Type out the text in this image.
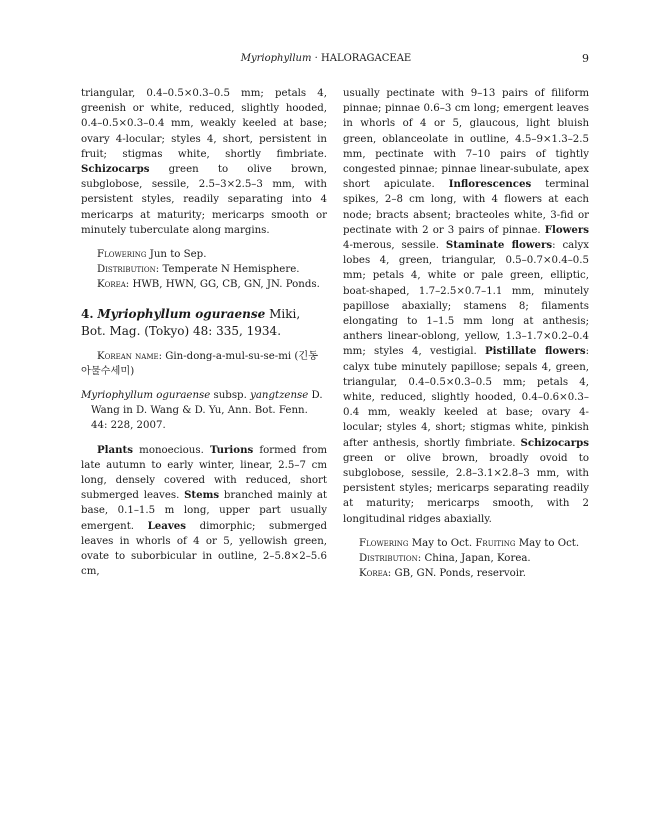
Myriophyllum · HALORAGACEAE	9

triangular, 0.4–0.5×0.3–0.5 mm; petals 4, greenish or white, reduced, slightly hooded, 0.4–0.5×0.3–0.4 mm, weakly keeled at base; ovary 4-locular; styles 4, short, persistent in fruit; stigmas white, shortly fimbriate. Schizocarps green to olive brown, subglobose, sessile, 2.5–3×2.5–3 mm, with persistent styles, readily separating into 4 mericarps at maturity; mericarps smooth or minutely tuberculate along margins.

Flowering Jun to Sep.

Distribution: Temperate N Hemisphere.

Korea: HWB, HWN, GG, CB, GN, JN. Ponds.

4. Myriophyllum oguraense Miki, Bot. Mag. (Tokyo) 48: 335, 1934.

Korean name: Gin-dong-a-mul-su-se-mi (긴동아물수세미)

Myriophyllum oguraense subsp. yangtzense D. Wang in D. Wang & D. Yu, Ann. Bot. Fenn. 44: 228, 2007.

Plants monoecious. Turions formed from late autumn to early winter, linear, 2.5–7 cm long, densely covered with reduced, short submerged leaves. Stems branched mainly at base, 0.1–1.5 m long, upper part usually emergent. Leaves dimorphic; submerged leaves in whorls of 4 or 5, yellowish green, ovate to suborbicular in outline, 2–5.8×2–5.6 cm,

usually pectinate with 9–13 pairs of filiform pinnae; pinnae 0.6–3 cm long; emergent leaves in whorls of 4 or 5, glaucous, light bluish green, oblanceolate in outline, 4.5–9×1.3–2.5 mm, pectinate with 7–10 pairs of tightly congested pinnae; pinnae linear-subulate, apex short apiculate. Inflorescences terminal spikes, 2–8 cm long, with 4 flowers at each node; bracts absent; bracteoles white, 3-fid or pectinate with 2 or 3 pairs of pinnae. Flowers 4-merous, sessile. Staminate flowers: calyx lobes 4, green, triangular, 0.5–0.7×0.4–0.5 mm; petals 4, white or pale green, elliptic, boat-shaped, 1.7–2.5×0.7–1.1 mm, minutely papillose abaxially; stamens 8; filaments elongating to 1–1.5 mm long at anthesis; anthers linear-oblong, yellow, 1.3–1.7×0.2–0.4 mm; styles 4, vestigial. Pistillate flowers: calyx tube minutely papillose; sepals 4, green, triangular, 0.4–0.5×0.3–0.5 mm; petals 4, white, reduced, slightly hooded, 0.4–0.6×0.3–0.4 mm, weakly keeled at base; ovary 4-locular; styles 4, short; stigmas white, pinkish after anthesis, shortly fimbriate. Schizocarps green or olive brown, broadly ovoid to subglobose, sessile, 2.8–3.1×2.8–3 mm, with persistent styles; mericarps separating readily at maturity; mericarps smooth, with 2 longitudinal ridges abaxially.

Flowering May to Oct. Fruiting May to Oct.

Distribution: China, Japan, Korea.

Korea: GB, GN. Ponds, reservoir.
